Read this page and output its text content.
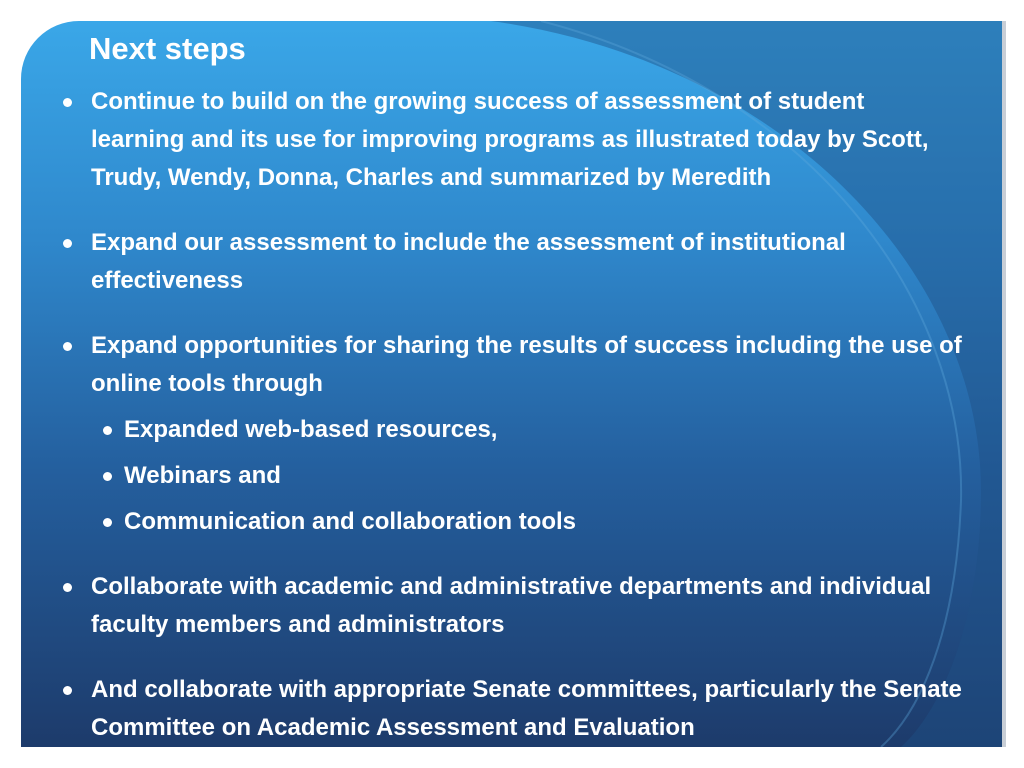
Next steps
Continue to build on the growing success of assessment of student learning and its use for improving programs as illustrated today by Scott, Trudy, Wendy, Donna, Charles and summarized by Meredith
Expand our assessment to include the assessment of institutional effectiveness
Expand opportunities for sharing the results of success including the use of online tools through
Expanded web-based resources,
Webinars and
Communication and collaboration tools
Collaborate with academic and administrative departments and individual faculty members and administrators
And collaborate with appropriate Senate committees, particularly the Senate Committee on Academic Assessment and Evaluation
